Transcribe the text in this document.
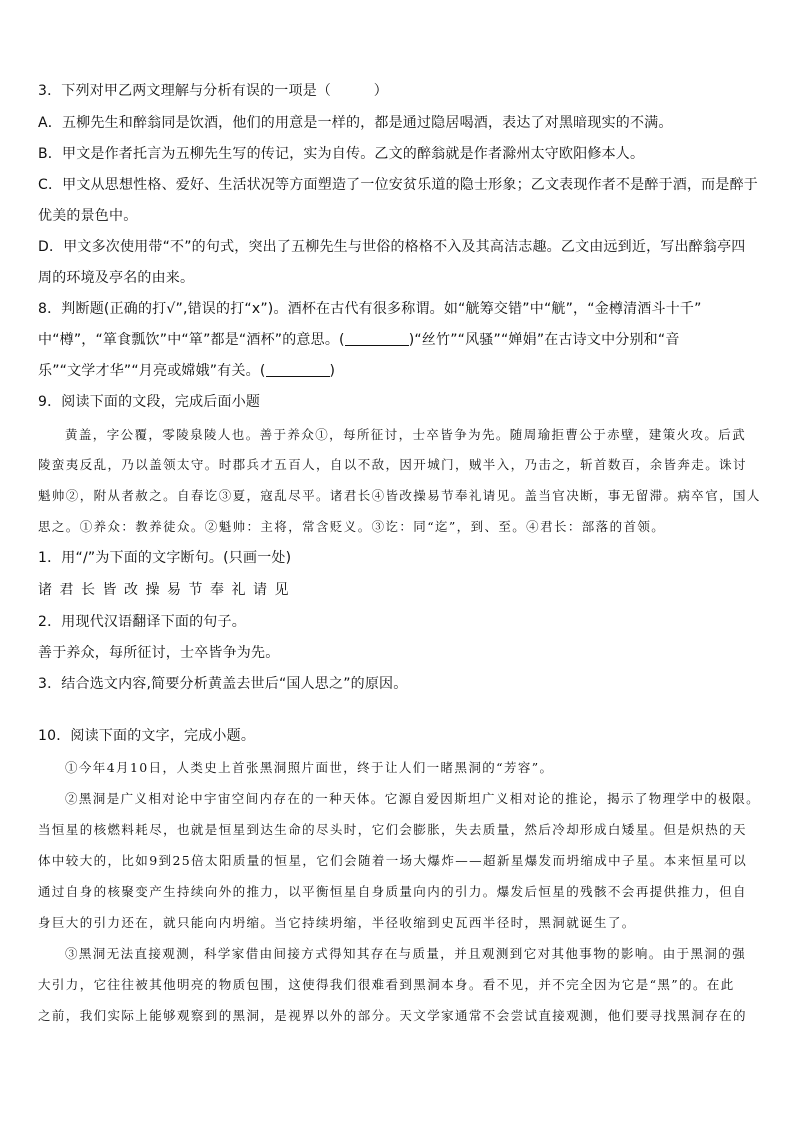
3．下列对甲乙两文理解与分析有误的一项是（　　　）
A．五柳先生和醉翁同是饮酒，他们的用意是一样的，都是通过隐居喝酒，表达了对黑暗现实的不满。
B．甲文是作者托言为五柳先生写的传记，实为自传。乙文的醉翁就是作者滁州太守欧阳修本人。
C．甲文从思想性格、爱好、生活状况等方面塑造了一位安贫乐道的隐士形象；乙文表现作者不是醉于酒，而是醉于
优美的景色中。
D．甲文多次使用带“不”的句式，突出了五柳先生与世俗的格格不入及其高洁志趣。乙文由远到近，写出醉翁亭四
周的环境及亭名的由来。
8．判断题(正确的打√”,错误的打“x”)。酒杯在古代有很多称谓。如“觥筹交错”中“觥”，“金樽清酒斗十千”
中“樽”，“箪食瓢饮”中“箪”都是“酒杯”的意思。(	)“丝竹”“风骚”“婵娟”在古诗文中分别和“音
乐”“文学才华”“月亮或嫦娥”有关。(	)
9．阅读下面的文段，完成后面小题
黄盖，字公覆，零陵泉陵人也。善于养众①，每所征讨，士卒皆争为先。随周瑜拒曹公于赤壁，建策火攻。后武
陵蛮夷反乱，乃以盖领太守。时郡兵才五百人，自以不敌，因开城门，贼半入，乃击之，斩首数百，余皆奔走。诛讨
魁帅②，附从者赦之。自春讫③夏，寇乱尽平。诸君长④皆改操易节奉礼请见。盖当官决断，事无留滞。病卒官，国人
思之。①养众：教养徒众。②魁帅：主将，常含贬义。③讫：同“迄”，到、至。④君长：部落的首领。
1．用“/”为下面的文字断句。(只画一处)
诸君长皆改操易节奉礼请见
2．用现代汉语翻译下面的句子。
善于养众，每所征讨，士卒皆争为先。
3．结合选文内容,简要分析黄盖去世后“国人思之”的原因。
10．阅读下面的文字，完成小题。
①今年4月10日，人类史上首张黑洞照片面世，终于让人们一睹黑洞的“芳容”。
②黑洞是广义相对论中宇宙空间内存在的一种天体。它源自爱因斯坦广义相对论的推论，揭示了物理学中的极限。
当恒星的核燃料耗尽，也就是恒星到达生命的尽头时，它们会膨胀，失去质量，然后冷却形成白矮星。但是炽热的天
体中较大的，比如9到25倍太阳质量的恒星，它们会随着一场大爆炸——超新星爆发而坍缩成中子星。本来恒星可以
通过自身的核聚变产生持续向外的推力，以平衡恒星自身质量向内的引力。爆发后恒星的残骸不会再提供推力，但自
身巨大的引力还在，就只能向内坍缩。当它持续坍缩，半径收缩到史瓦西半径时，黑洞就诞生了。
③黑洞无法直接观测，科学家借由间接方式得知其存在与质量，并且观测到它对其他事物的影响。由于黑洞的强
大引力，它往往被其他明亮的物质包围，这使得我们很难看到黑洞本身。看不见，并不完全因为它是“黑”的。在此
之前，我们实际上能够观察到的黑洞，是视界以外的部分。天文学家通常不会尝试直接观测，他们要寻找黑洞存在的
